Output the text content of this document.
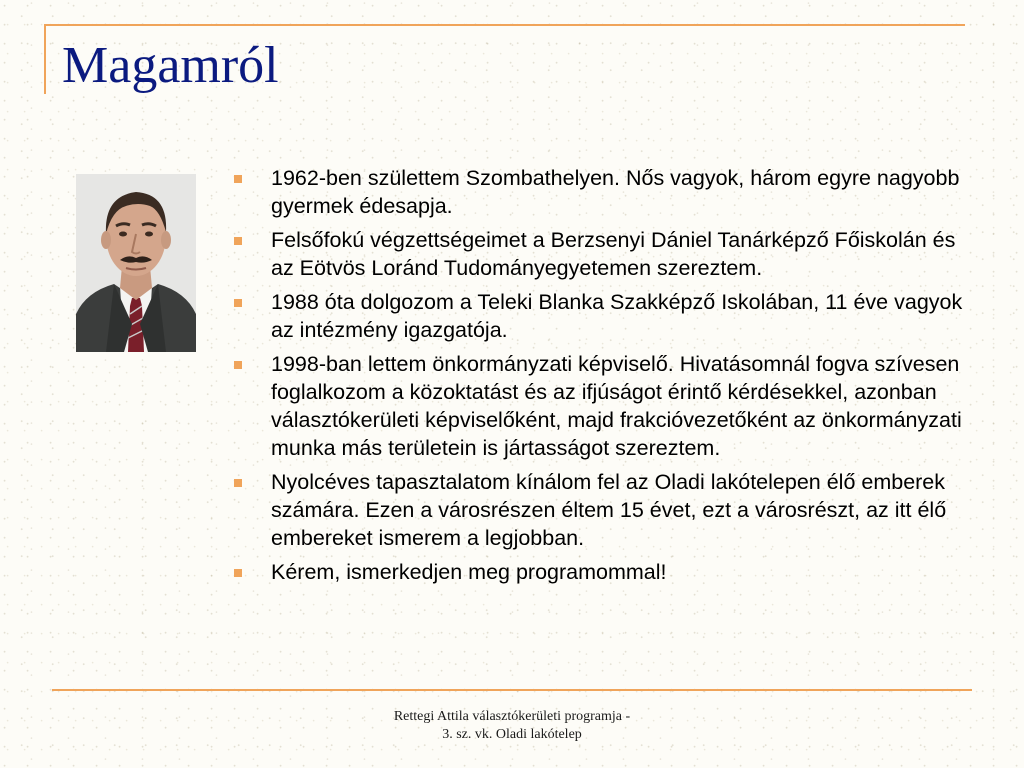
Magamról
1962-ben születtem Szombathelyen. Nős vagyok, három egyre nagyobb gyermek édesapja.
Felsőfokú végzettségeimet a Berzsenyi Dániel Tanárképző Főiskolán és az Eötvös Loránd Tudományegyetemen szereztem.
1988 óta dolgozom a Teleki Blanka Szakképző Iskolában, 11 éve vagyok az intézmény igazgatója.
1998-ban lettem önkormányzati képviselő. Hivatásomnál fogva szívesen foglalkozom a közoktatást és az ifjúságot érintő kérdésekkel, azonban választókerületi képviselőként, majd frakcióvezetőként az önkormányzati munka más területein is jártasságot szereztem.
Nyolcéves tapasztalatom kínálom fel az Oladi lakótelepen élő emberek számára. Ezen a városrészen éltem 15 évet, ezt a városrészt, az itt élő embereket ismerem a legjobban.
Kérem, ismerkedjen meg programommal!
Rettegi Attila választókerületi programja -
3. sz. vk. Oladi lakótelep
